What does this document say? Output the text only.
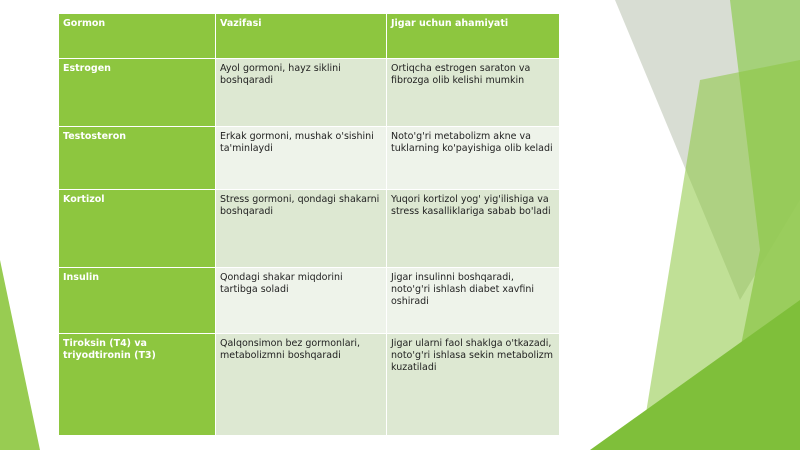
Gormon	Vazifasi	Jigar uchun ahamiyati
Estrogen	Ayol gormoni, hayz siklini boshqaradi	Ortiqcha estrogen saraton va fibrozga olib kelishi mumkin
Testosteron	Erkak gormoni, mushak o'sishini ta'minlaydi	Noto'g'ri metabolizm akne va tuklarning ko'payishiga olib keladi
Kortizol	Stress gormoni, qondagi shakarni boshqaradi	Yuqori kortizol yog' yig'ilishiga va stress kasalliklariga sabab bo'ladi
Insulin	Qondagi shakar miqdorini tartibga soladi	Jigar insulinni boshqaradi, noto'g'ri ishlash diabet xavfini oshiradi
Tiroksin (T4) va triyodtironin (T3)	Qalqonsimon bez gormonlari, metabolizmni boshqaradi	Jigar ularni faol shaklga o'tkazadi, noto'g'ri ishlasa sekin metabolizm kuzatiladi
